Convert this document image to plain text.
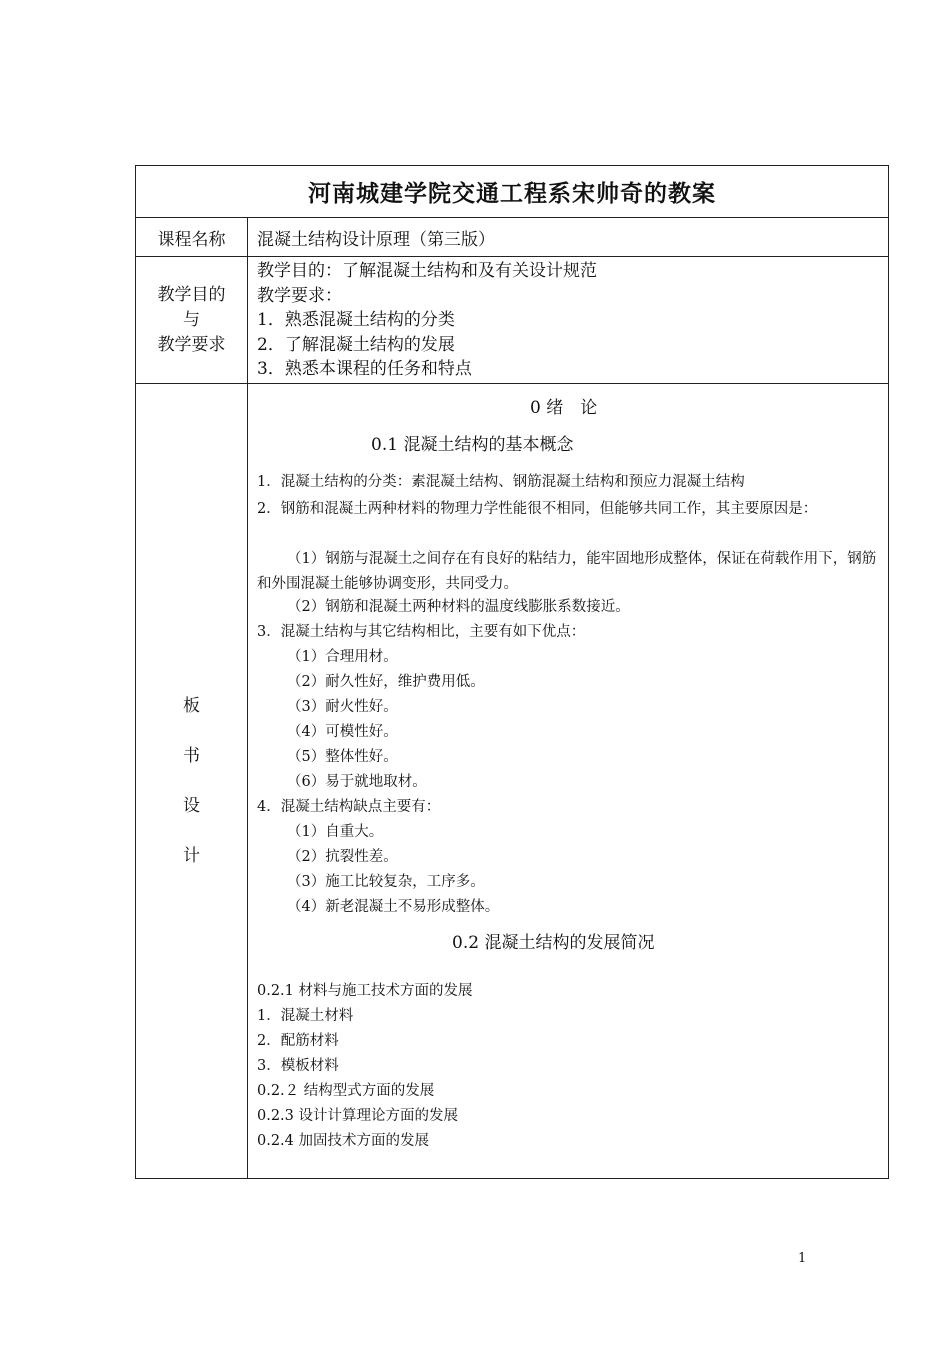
河南城建学院交通工程系宋帅奇的教案
课程名称	混凝土结构设计原理（第三版）
教学目的
与
教学要求
教学目的：了解混凝土结构和及有关设计规范
教学要求：
1．熟悉混凝土结构的分类
2．了解混凝土结构的发展
3．熟悉本课程的任务和特点
板
书
设
计
0 绪　论
0.1 混凝土结构的基本概念
1．混凝土结构的分类：素混凝土结构、钢筋混凝土结构和预应力混凝土结构
2．钢筋和混凝土两种材料的物理力学性能很不相同，但能够共同工作，其主要原因是：
（1）钢筋与混凝土之间存在有良好的粘结力，能牢固地形成整体，保证在荷载作用下，钢筋和外围混凝土能够协调变形，共同受力。
（2）钢筋和混凝土两种材料的温度线膨胀系数接近。
3．混凝土结构与其它结构相比，主要有如下优点：
（1）合理用材。
（2）耐久性好，维护费用低。
（3）耐火性好。
（4）可模性好。
（5）整体性好。
（6）易于就地取材。
4．混凝土结构缺点主要有：
（1）自重大。
（2）抗裂性差。
（3）施工比较复杂，工序多。
（4）新老混凝土不易形成整体。
0.2 混凝土结构的发展简况
0.2.1 材料与施工技术方面的发展
1．混凝土材料
2．配筋材料
3．模板材料
0.2.２ 结构型式方面的发展
0.2.3 设计计算理论方面的发展
0.2.4 加固技术方面的发展
1
